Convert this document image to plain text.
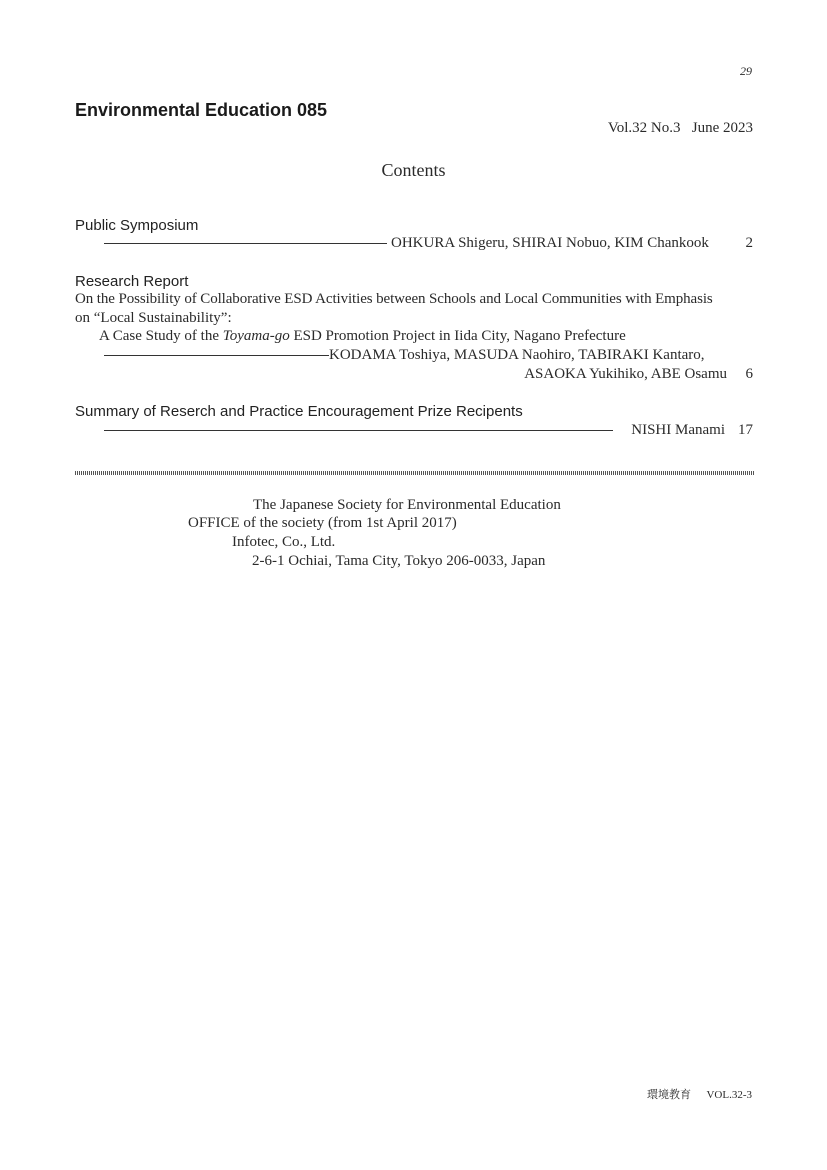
29
Environmental Education 085
Vol.32 No.3   June 2023
Contents
Public Symposium
OHKURA Shigeru, SHIRAI Nobuo, KIM Chankook	2
Research Report
On the Possibility of Collaborative ESD Activities between Schools and Local Communities with Emphasis
on “Local Sustainability”:
A Case Study of the Toyama-go ESD Promotion Project in Iida City, Nagano Prefecture
KODAMA Toshiya, MASUDA Naohiro, TABIRAKI Kantaro,
ASAOKA Yukihiko, ABE Osamu	6
Summary of Reserch and Practice Encouragement Prize Recipents
NISHI Manami 17
The Japanese Society for Environmental Education
OFFICE of the society (from 1st April 2017)
Infotec, Co., Ltd.
2-6-1 Ochiai, Tama City, Tokyo 206-0033, Japan
環境教育 VOL.32-3
